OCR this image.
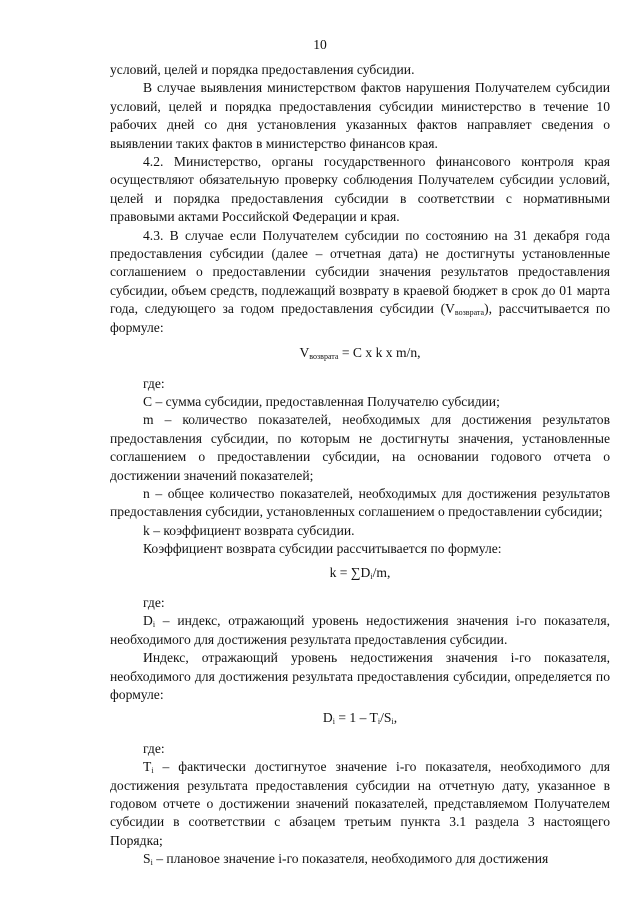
10

условий, целей и порядка предоставления субсидии.

В случае выявления министерством фактов нарушения Получателем субсидии условий, целей и порядка предоставления субсидии министерство в течение 10 рабочих дней со дня установления указанных фактов направляет сведения о выявлении таких фактов в министерство финансов края.

4.2. Министерство, органы государственного финансового контроля края осуществляют обязательную проверку соблюдения Получателем субсидии условий, целей и порядка предоставления субсидии в соответствии с нормативными правовыми актами Российской Федерации и края.

4.3. В случае если Получателем субсидии по состоянию на 31 декабря года предоставления субсидии (далее – отчетная дата) не достигнуты установленные соглашением о предоставлении субсидии значения результатов предоставления субсидии, объем средств, подлежащий возврату в краевой бюджет в срок до 01 марта года, следующего за годом предоставления субсидии $(V_{возврата})$, рассчитывается по формуле:

$V_{возврата} = C$ x k x m/n,

где:

С – сумма субсидии, предоставленная Получателю субсидии;

m – количество показателей, необходимых для достижения результатов предоставления субсидии, по которым не достигнуты значения, установленные соглашением о предоставлении субсидии, на основании годового отчета о достижении значений показателей;

n – общее количество показателей, необходимых для достижения результатов предоставления субсидии, установленных соглашением о предоставлении субсидии;

k – коэффициент возврата субсидии.

Коэффициент возврата субсидии рассчитывается по формуле:

$k = \sum D_i/m$,

где:

$D_i$ – индекс, отражающий уровень недостижения значения i-го показателя, необходимого для достижения результата предоставления субсидии.

Индекс, отражающий уровень недостижения значения i-го показателя, необходимого для достижения результата предоставления субсидии, определяется по формуле:

$D_i = 1 - T_i/S_i$,

где:

$T_i$ – фактически достигнутое значение i-го показателя, необходимого для достижения результата предоставления субсидии на отчетную дату, указанное в годовом отчете о достижении значений показателей, представляемом Получателем субсидии в соответствии с абзацем третьим пункта 3.1 раздела 3 настоящего Порядка;

$S_i$ – плановое значение i-го показателя, необходимого для достижения
